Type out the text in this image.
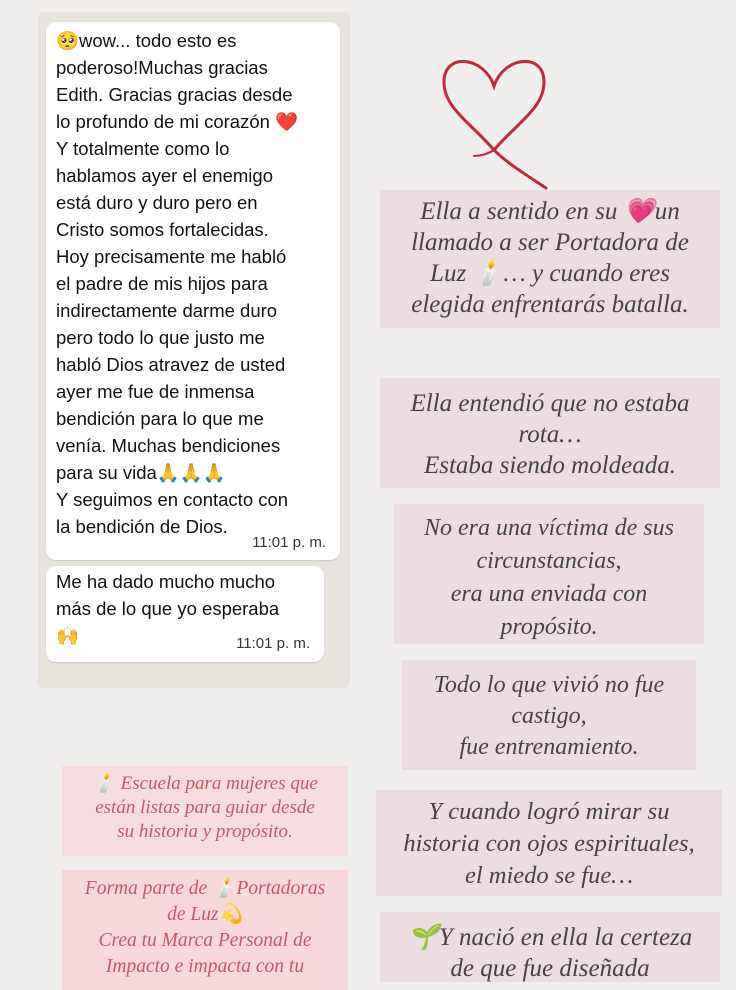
🥺wow... todo esto es
poderoso!Muchas gracias
Edith. Gracias gracias desde
lo profundo de mi corazón ❤️
Y totalmente como lo
hablamos ayer el enemigo
está duro y duro pero en
Cristo somos fortalecidas.
Hoy precisamente me habló
el padre de mis hijos para
indirectamente darme duro
pero todo lo que justo me
habló Dios atravez de usted
ayer me fue de inmensa
bendición para lo que me
venía. Muchas bendiciones
para su vida🙏🙏🙏
Y seguimos en contacto con
la bendición de Dios.
11:01 p. m.
Me ha dado mucho mucho
más de lo que yo esperaba
🙌	11:01 p. m.
Ella a sentido en su 💗un
llamado a ser Portadora de
Luz 🕯️… y cuando eres
elegida enfrentarás batalla.
Ella entendió que no estaba
rota…
Estaba siendo moldeada.
No era una víctima de sus
circunstancias,
era una enviada con
propósito.
Todo lo que vivió no fue
castigo,
fue entrenamiento.
Y cuando logró mirar su
historia con ojos espirituales,
el miedo se fue…
🌱Y nació en ella la certeza
de que fue diseñada
🕯️ Escuela para mujeres que
están listas para guiar desde
su historia y propósito.
Forma parte de 🕯️Portadoras
de Luz💫
Crea tu Marca Personal de
Impacto e impacta con tu
